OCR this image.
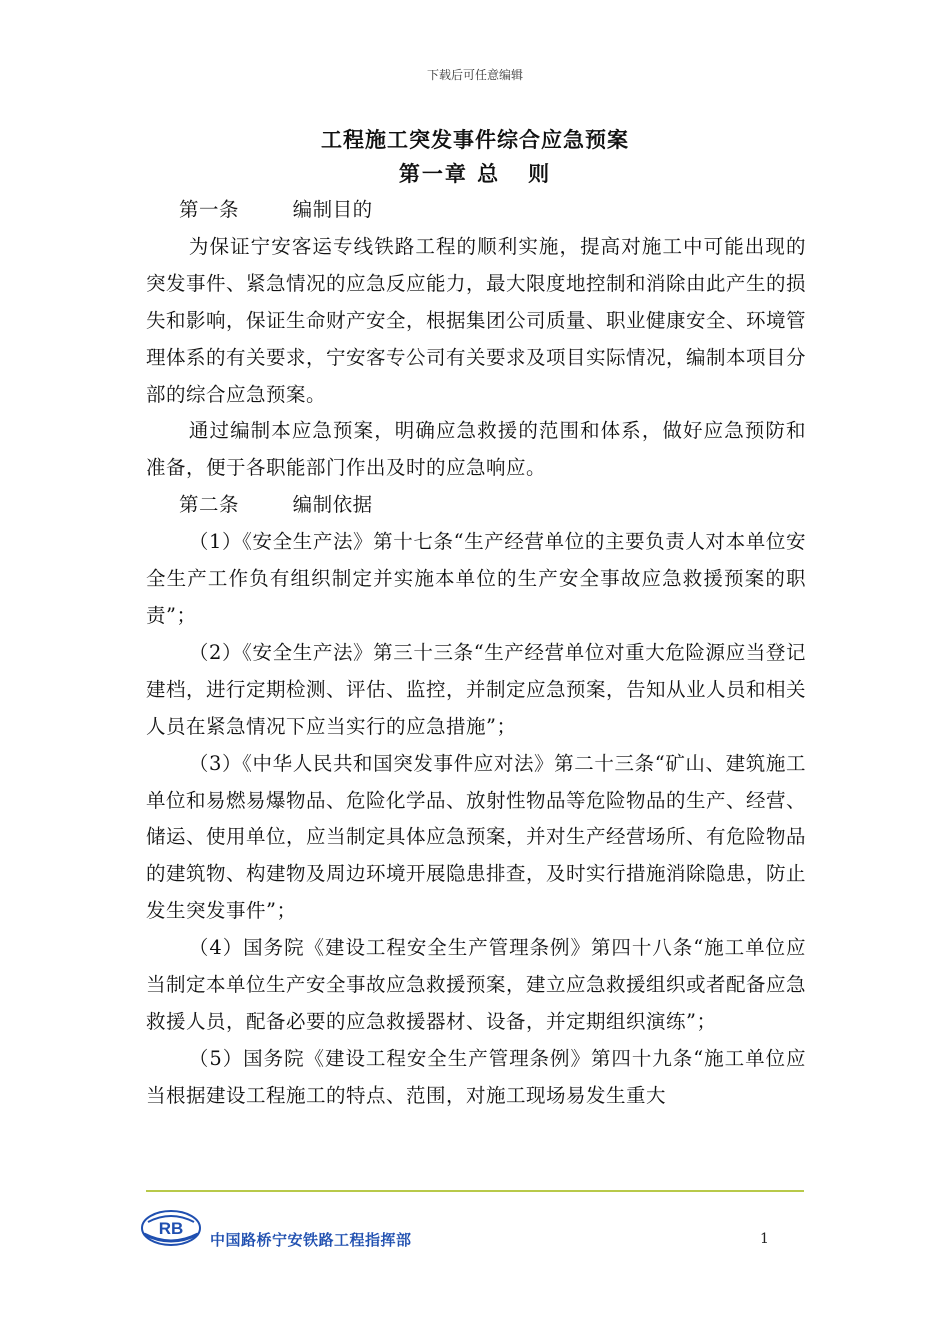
下载后可任意编辑
工程施工突发事件综合应急预案
第一章 总   则

第一条        编制目的

为保证宁安客运专线铁路工程的顺利实施，提高对施工中可能出现的突发事件、紧急情况的应急反应能力，最大限度地控制和消除由此产生的损失和影响，保证生命财产安全，根据集团公司质量、职业健康安全、环境管理体系的有关要求，宁安客专公司有关要求及项目实际情况，编制本项目分部的综合应急预案。

通过编制本应急预案，明确应急救援的范围和体系，做好应急预防和准备，便于各职能部门作出及时的应急响应。

第二条        编制依据

（1）《安全生产法》第十七条“生产经营单位的主要负责人对本单位安全生产工作负有组织制定并实施本单位的生产安全事故应急救援预案的职责”；

（2）《安全生产法》第三十三条“生产经营单位对重大危险源应当登记建档，进行定期检测、评估、监控，并制定应急预案，告知从业人员和相关人员在紧急情况下应当实行的应急措施”；

（3）《中华人民共和国突发事件应对法》第二十三条“矿山、建筑施工单位和易燃易爆物品、危险化学品、放射性物品等危险物品的生产、经营、储运、使用单位，应当制定具体应急预案，并对生产经营场所、有危险物品的建筑物、构建物及周边环境开展隐患排查，及时实行措施消除隐患，防止发生突发事件”；

（4）国务院《建设工程安全生产管理条例》第四十八条“施工单位应当制定本单位生产安全事故应急救援预案，建立应急救援组织或者配备应急救援人员，配备必要的应急救援器材、设备，并定期组织演练”；

（5）国务院《建设工程安全生产管理条例》第四十九条“施工单位应当根据建设工程施工的特点、范围，对施工现场易发生重大

RB
中国路桥宁安铁路工程指挥部	1
